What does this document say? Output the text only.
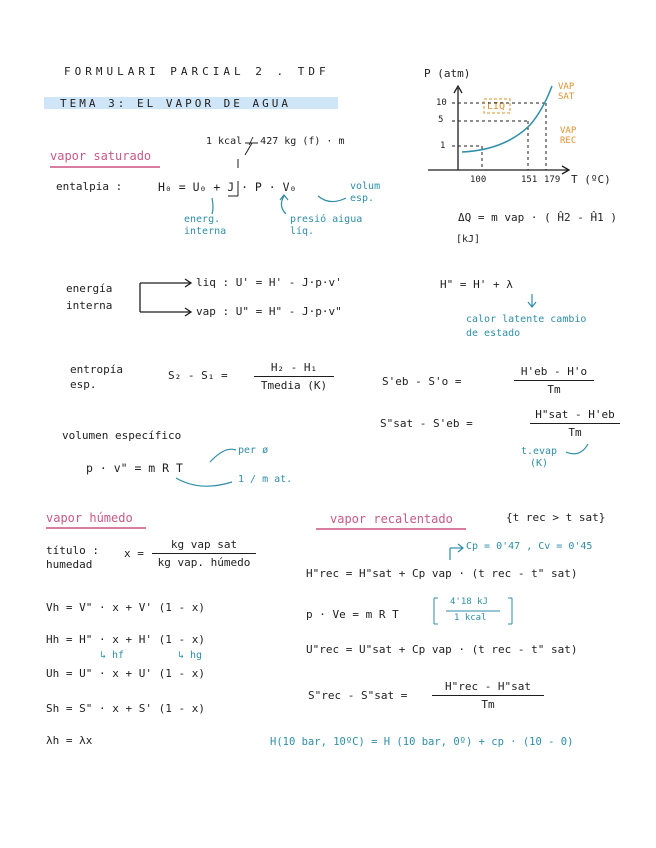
FORMULARI PARCIAL 2 . TDF
TEMA 3: EL VAPOR DE AGUA
P (atm)
10
5
1
100	151 179 T (ºC)
LIQ
VAP SAT
VAP REC
ΔQ = m vap · ( Ĥ2 - Ĥ1 )
[kJ]
vapor saturado
1 kcal / 427 kg (f) · m
entalpia :	H₀ = U₀ + J · P · V₀	volum esp.
energ. interna
presió aigua líq.
energía interna
liq : U' = H' - J·p·v'
vap : U" = H" - J·p·v"
H" = H' + λ
calor latente cambio de estado
entropía esp.
S₂ - S₁ =
H₂ - H₁
Tmedia (K)	S'eb - S'o =
H'eb - H'o
Tm
S"sat - S'eb =
H"sat - H'eb
Tm
t.evap (K)
volumen específico
p · v" = m R T
per ø
1 / m at.
vapor húmedo
título : humedad
x =
kg vap sat
kg vap. húmedo
Vh = V" · x + V' (1 - x)
Hh = H" · x + H' (1 - x)
↳ hf	↳ hg
Uh = U" · x + U' (1 - x)
Sh = S" · x + S' (1 - x)
λh = λx
vapor recalentado	{t rec > t sat}
Cp = 0'47 , Cv = 0'45
H"rec = H"sat + Cp vap · (t rec - t" sat)
p · Ve = m R T
4'18 kJ
1 kcal
U"rec = U"sat + Cp vap · (t rec - t" sat)
S"rec - S"sat =
H"rec - H"sat
Tm
H(10 bar, 10ºC) = H (10 bar, 0º) + cp · (10 - 0)
